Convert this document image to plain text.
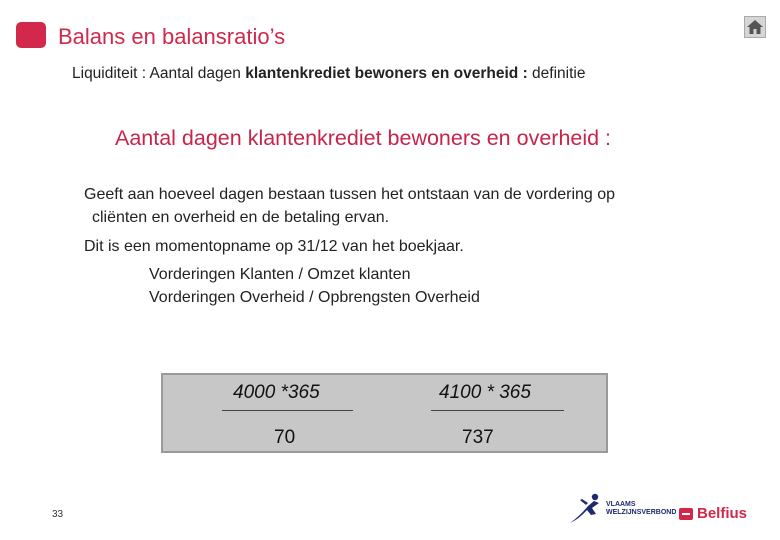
Balans en balansratio’s
Liquiditeit : Aantal dagen klantenkrediet bewoners en overheid : definitie
Aantal dagen klantenkrediet bewoners en overheid :
Geeft aan hoeveel dagen bestaan tussen het ontstaan van de vordering op
cliënten en overheid en de betaling ervan.
Dit is een momentopname op 31/12 van het boekjaar.
Vorderingen Klanten / Omzet klanten
Vorderingen Overheid / Opbrengsten Overheid
4000 *365
70
4100 * 365
737
33
VLAAMS
WELZIJNSVERBOND Belfius
